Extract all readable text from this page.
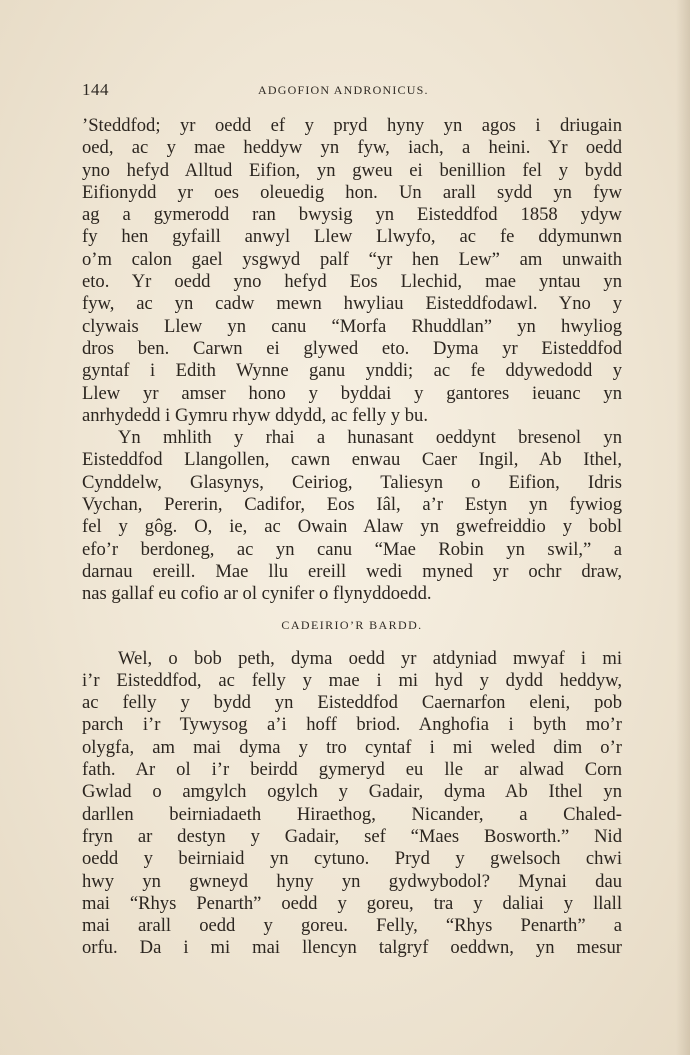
144	ADGOFION ANDRONICUS.
’Steddfod; yr oedd ef y pryd hyny yn agos i driugain
oed, ac y mae heddyw yn fyw, iach, a heini. Yr oedd
yno hefyd Alltud Eifion, yn gweu ei benillion fel y bydd
Eifionydd yr oes oleuedig hon. Un arall sydd yn fyw
ag a gymerodd ran bwysig yn Eisteddfod 1858 ydyw
fy hen gyfaill anwyl Llew Llwyfo, ac fe ddymunwn
o’m calon gael ysgwyd palf “yr hen Lew” am unwaith
eto. Yr oedd yno hefyd Eos Llechid, mae yntau yn
fyw, ac yn cadw mewn hwyliau Eisteddfodawl. Yno y
clywais Llew yn canu “Morfa Rhuddlan” yn hwyliog
dros ben. Carwn ei glywed eto. Dyma yr Eisteddfod
gyntaf i Edith Wynne ganu ynddi; ac fe ddywedodd y
Llew yr amser hono y byddai y gantores ieuanc yn
anrhydedd i Gymru rhyw ddydd, ac felly y bu.
Yn mhlith y rhai a hunasant oeddynt bresenol yn
Eisteddfod Llangollen, cawn enwau Caer Ingil, Ab Ithel,
Cynddelw, Glasynys, Ceiriog, Taliesyn o Eifion, Idris
Vychan, Pererin, Cadifor, Eos Iâl, a’r Estyn yn fywiog
fel y gôg. O, ie, ac Owain Alaw yn gwefreiddio y bobl
efo’r berdoneg, ac yn canu “Mae Robin yn swil,” a
darnau ereill. Mae llu ereill wedi myned yr ochr draw,
nas gallaf eu cofio ar ol cynifer o flynyddoedd.
CADEIRIO’R BARDD.
Wel, o bob peth, dyma oedd yr atdyniad mwyaf i mi
i’r Eisteddfod, ac felly y mae i mi hyd y dydd heddyw,
ac felly y bydd yn Eisteddfod Caernarfon eleni, pob
parch i’r Tywysog a’i hoff briod. Anghofia i byth mo’r
olygfa, am mai dyma y tro cyntaf i mi weled dim o’r
fath. Ar ol i’r beirdd gymeryd eu lle ar alwad Corn
Gwlad o amgylch ogylch y Gadair, dyma Ab Ithel yn
darllen beirniadaeth Hiraethog, Nicander, a Chaled-
fryn ar destyn y Gadair, sef “Maes Bosworth.” Nid
oedd y beirniaid yn cytuno. Pryd y gwelsoch chwi
hwy yn gwneyd hyny yn gydwybodol? Mynai dau
mai “Rhys Penarth” oedd y goreu, tra y daliai y llall
mai arall oedd y goreu. Felly, “Rhys Penarth” a
orfu. Da i mi mai llencyn talgryf oeddwn, yn mesur
